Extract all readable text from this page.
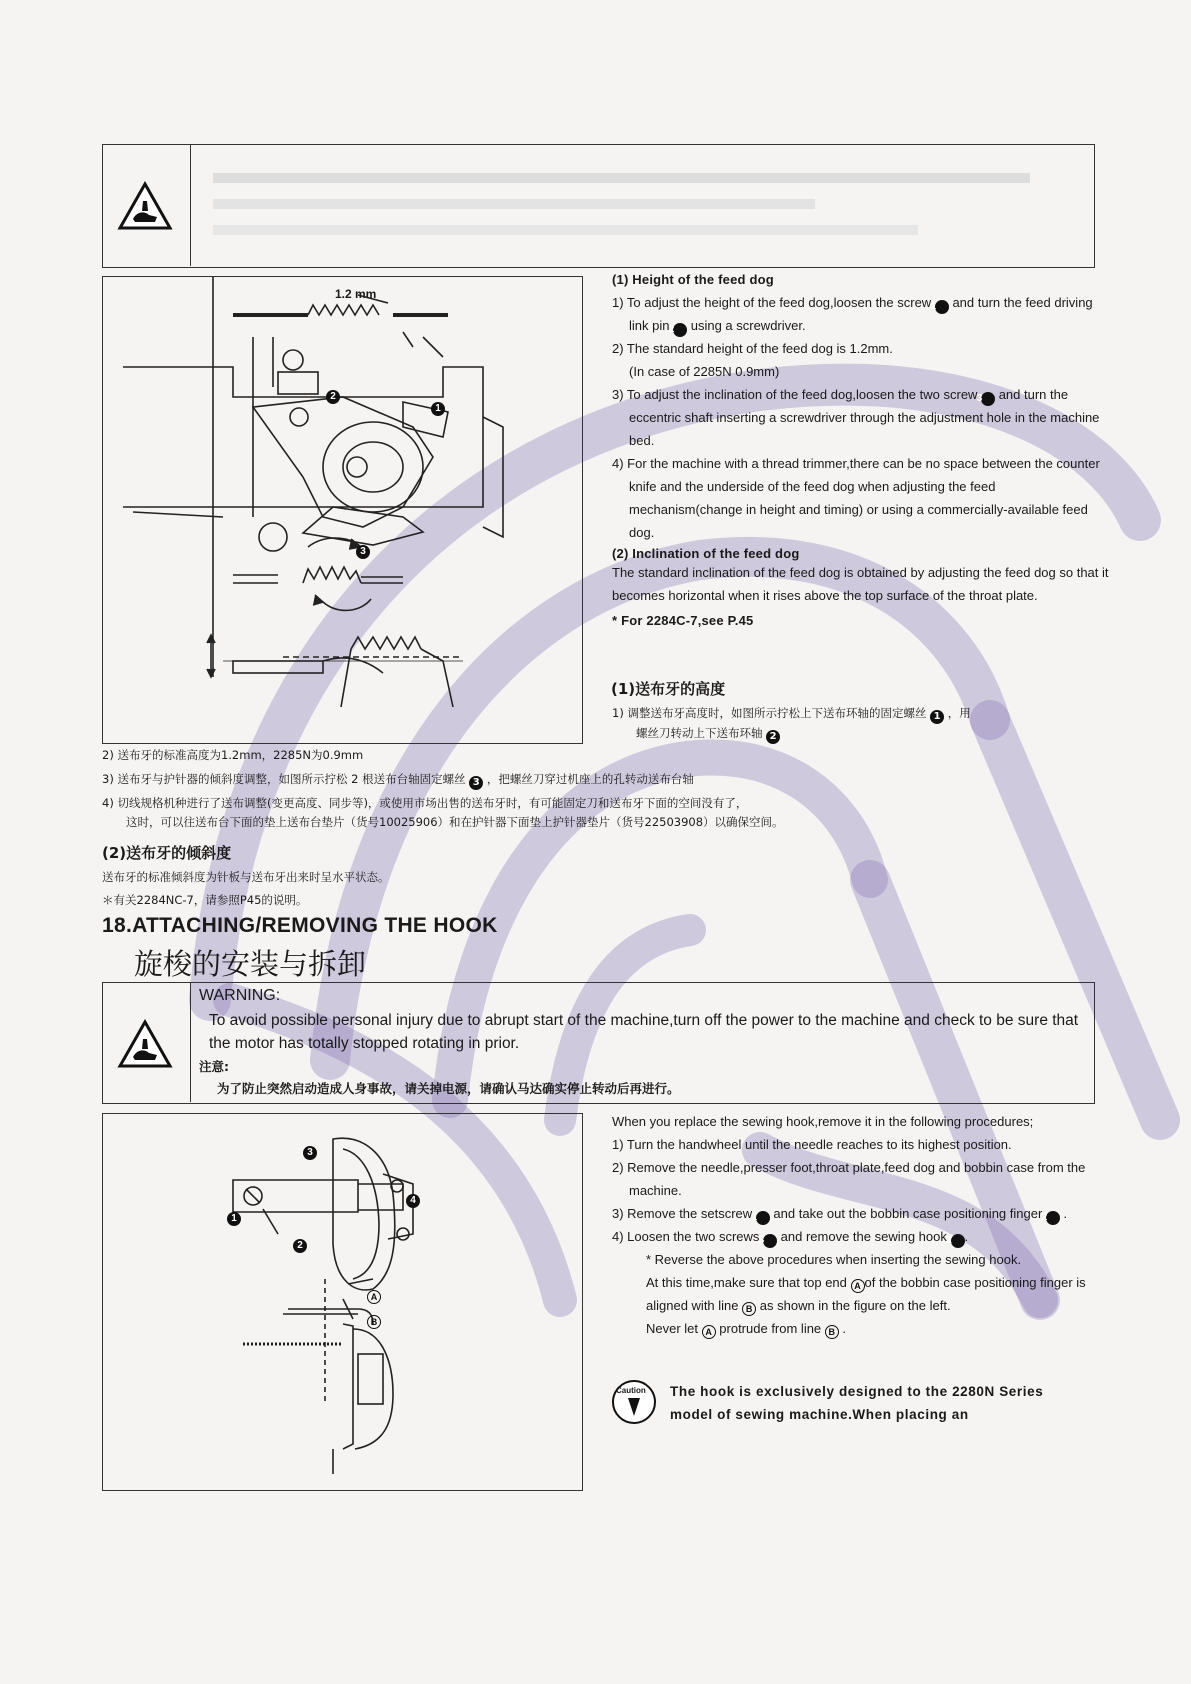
1.2 mm
1
2
3
(1) Height of the feed dog
1) To adjust the height of the feed dog,loosen the screw 1 and turn the feed driving link pin 2 using a screwdriver.
2) The standard height of the feed dog is 1.2mm.
(In case of 2285N 0.9mm)
3) To adjust the inclination of the feed dog,loosen the two screw 3 and turn the eccentric shaft inserting a screwdriver through the adjustment hole in the machine bed.
4) For the machine with a thread trimmer,there can be no space between the counter knife and the underside of the feed dog when adjusting the feed mechanism(change in height and timing) or using a commercially-available feed dog.
(2) Inclination of the feed dog
The standard inclination of the feed dog is obtained by adjusting the feed dog so that it becomes horizontal when it rises above the top surface of the throat plate.
* For 2284C-7,see P.45
(1)送布牙的高度
1) 调整送布牙高度时，如图所示拧松上下送布环轴的固定螺丝 1 ，用
螺丝刀转动上下送布环轴 2
2) 送布牙的标准高度为1.2mm，2285N为0.9mm
3) 送布牙与护针器的倾斜度调整，如图所示拧松 2 根送布台轴固定螺丝 3 ，把螺丝刀穿过机座上的孔转动送布台轴
4) 切线规格机种进行了送布调整(变更高度、同步等)，或使用市场出售的送布牙时，有可能固定刀和送布牙下面的空间没有了，
这时，可以往送布台下面的垫上送布台垫片（货号10025906）和在护针器下面垫上护针器垫片（货号22503908）以确保空间。
(2)送布牙的倾斜度
送布牙的标准倾斜度为针板与送布牙出来时呈水平状态。
＊有关2284NC-7，请参照P45的说明。
18.ATTACHING/REMOVING THE HOOK
旋梭的安装与拆卸
WARNING:
To avoid possible personal injury due to abrupt start of the machine,turn off the power to the machine and check to be sure that the motor has totally stopped rotating in prior.
注意:
为了防止突然启动造成人身事故，请关掉电源，请确认马达确实停止转动后再进行。
1
2
3
4
A
B
When you replace the sewing hook,remove it in the following procedures;
1) Turn the handwheel until the needle reaches to its highest position.
2) Remove the needle,presser foot,throat plate,feed dog and bobbin case from the machine.
3) Remove the setscrew 1 and take out the bobbin case positioning finger 2 .
4) Loosen the two screws 3 and remove the sewing hook 2 .
* Reverse the above procedures when inserting the sewing hook.
At this time,make sure that top end A of the bobbin case positioning finger is aligned with line B as shown in the figure on the left.
Never let A protrude from line B .
Caution The hook is exclusively designed to the 2280N Series model of sewing machine.When placing an
